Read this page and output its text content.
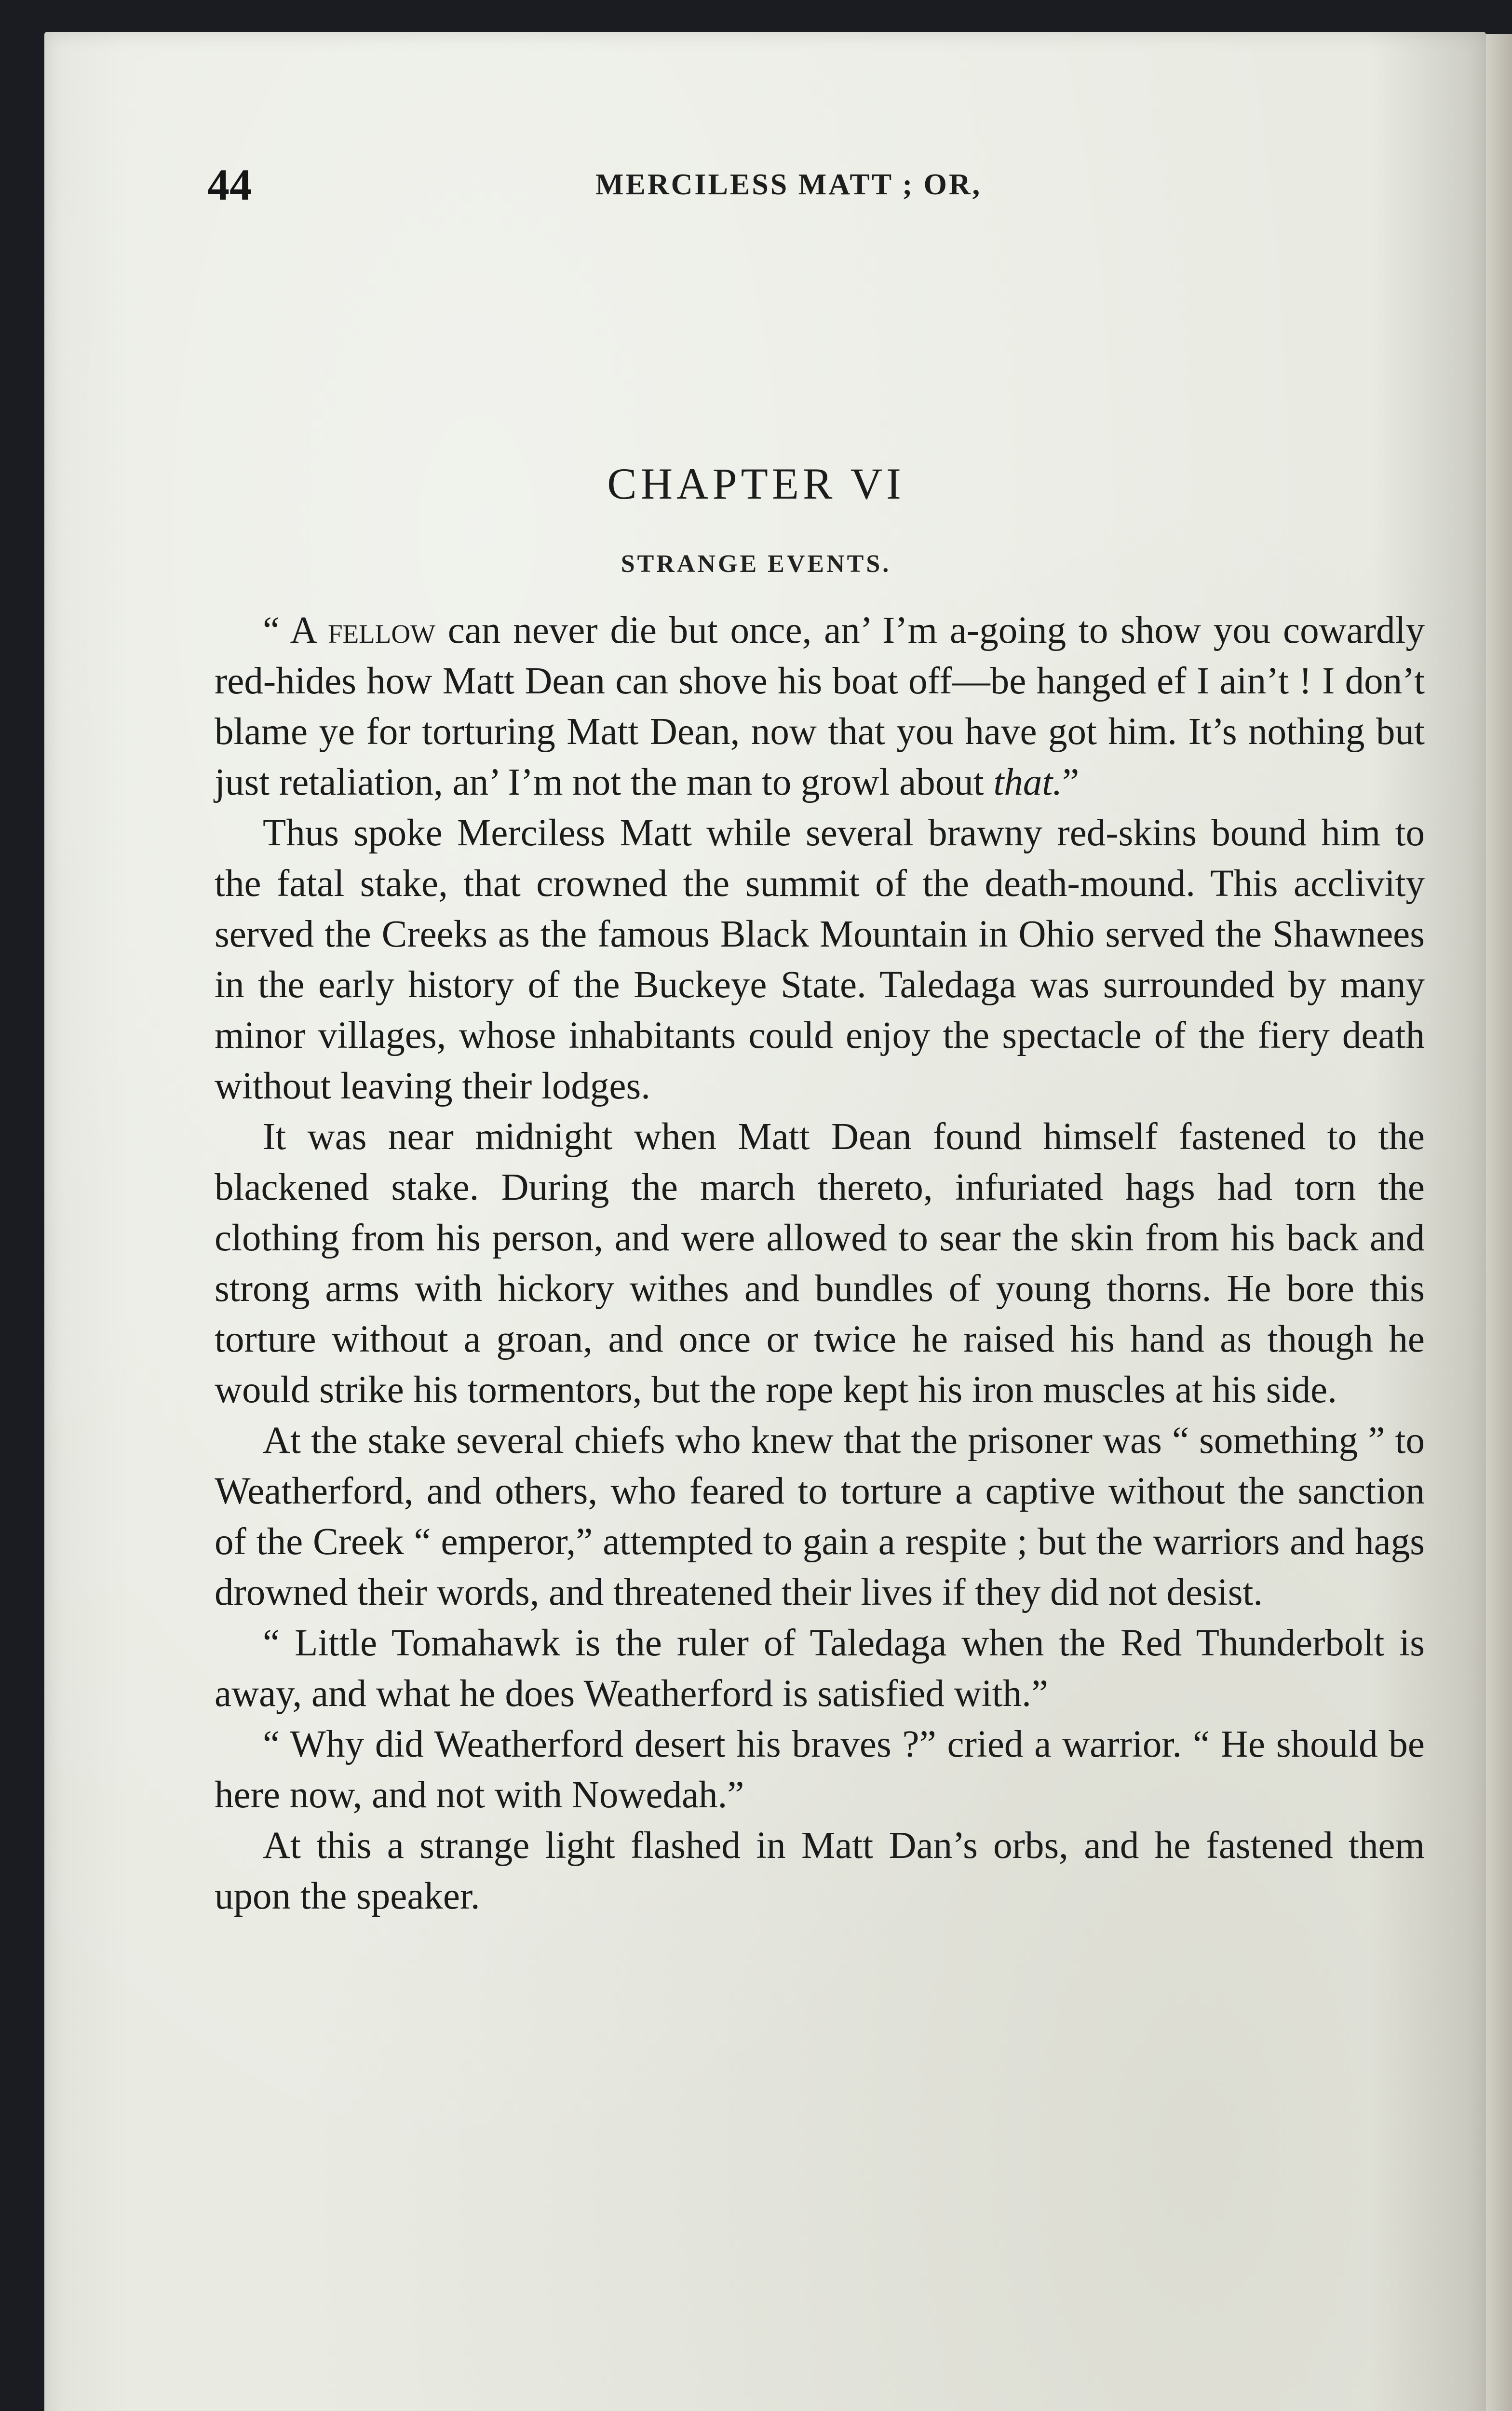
44	MERCILESS MATT ; OR,
CHAPTER VI
STRANGE EVENTS.

“ A fellow can never die but once, an’ I’m a-going to show you cowardly red-hides how Matt Dean can shove his boat off—be hanged ef I ain’t ! I don’t blame ye for torturing Matt Dean, now that you have got him. It’s nothing but just retaliation, an’ I’m not the man to growl about that.”

Thus spoke Merciless Matt while several brawny red-skins bound him to the fatal stake, that crowned the summit of the death-mound. This acclivity served the Creeks as the famous Black Mountain in Ohio served the Shawnees in the early history of the Buckeye State. Taledaga was surrounded by many minor villages, whose inhabitants could enjoy the spectacle of the fiery death without leaving their lodges.

It was near midnight when Matt Dean found himself fastened to the blackened stake. During the march thereto, infuriated hags had torn the clothing from his person, and were allowed to sear the skin from his back and strong arms with hickory withes and bundles of young thorns. He bore this torture without a groan, and once or twice he raised his hand as though he would strike his tormentors, but the rope kept his iron muscles at his side.

At the stake several chiefs who knew that the prisoner was “ something ” to Weatherford, and others, who feared to torture a captive without the sanction of the Creek “ emperor,” attempted to gain a respite ; but the warriors and hags drowned their words, and threatened their lives if they did not desist.

“ Little Tomahawk is the ruler of Taledaga when the Red Thunderbolt is away, and what he does Weatherford is satisfied with.”

“ Why did Weatherford desert his braves ?” cried a warrior. “ He should be here now, and not with Nowedah.”

At this a strange light flashed in Matt Dan’s orbs, and he fastened them upon the speaker.
